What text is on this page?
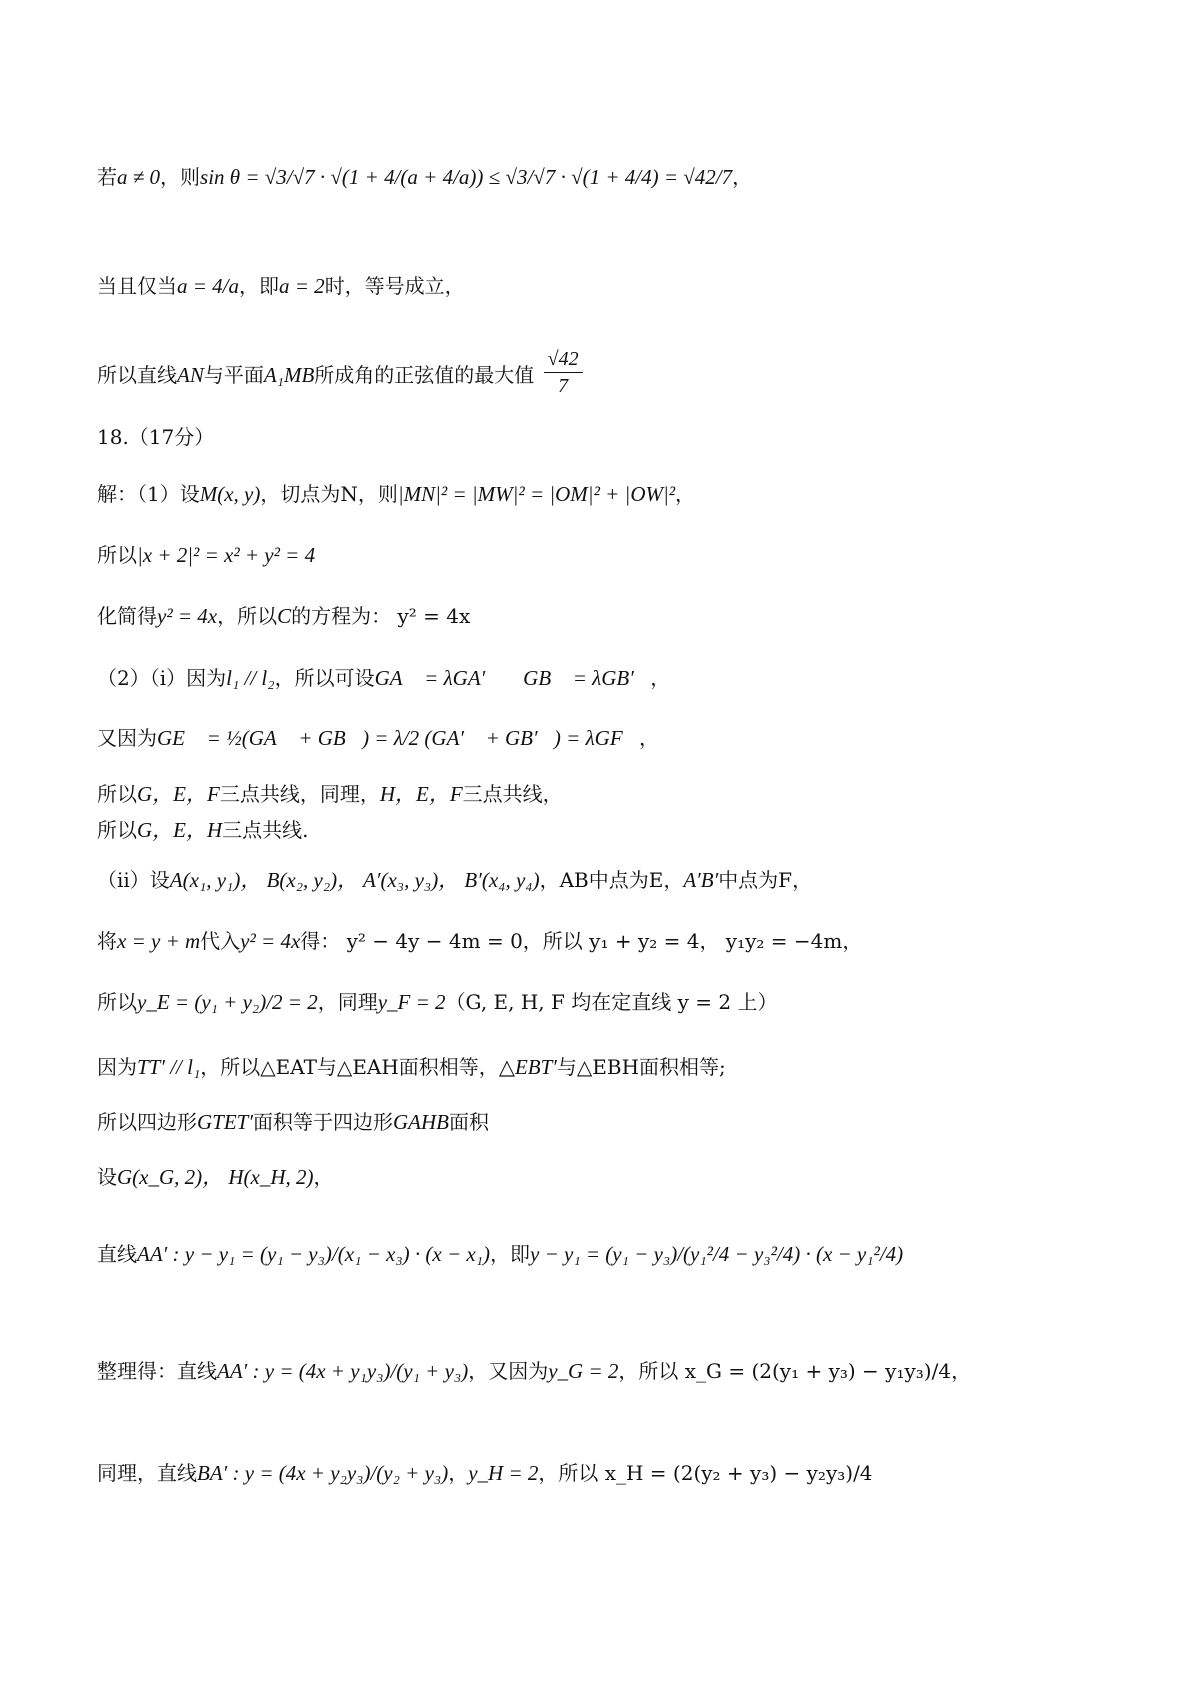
若a ≠ 0，则sin θ = √3/√7 · √(1 + 4/(a + 4/a)) ≤ √3/√7 · √(1 + 4/4) = √42/7，
当且仅当a = 4/a，即a = 2时，等号成立，
所以直线AN与平面A₁MB所成角的正弦值的最大值 $\frac{√42}{7}$
18.（17分）
解：（1）设M(x, y)，切点为N，则|MN|² = |MW|² = |OM|² + |OW|²，
所以|x + 2|² = x² + y² = 4
化简得y² = 4x，所以C的方程为： y² = 4x
（2）（i）因为l₁ // l₂，所以可设GA⃗ = λGA′⃗， GB⃗ = λGB′⃗，
又因为GE⃗ = ½(GA⃗ + GB⃗) = λ/2 (GA′⃗ + GB′⃗) = λGF⃗，
所以G，E，F三点共线，同理，H，E，F三点共线，
所以G，E，H三点共线.
（ii）设A(x₁, y₁)， B(x₂, y₂)， A′(x₃, y₃)， B′(x₄, y₄)，AB中点为E，A′B′中点为F，
将x = y + m代入y² = 4x得： y² − 4y − 4m = 0，所以 y₁ + y₂ = 4， y₁y₂ = −4m，
所以y_E = (y₁ + y₂)/2 = 2，同理y_F = 2（G, E, H, F 均在定直线 y = 2 上）
因为TT′ // l₁，所以△EAT与△EAH面积相等，△EBT′与△EBH面积相等;
所以四边形GTET′面积等于四边形GAHB面积
设G(x_G, 2)， H(x_H, 2)，
直线AA′ : y − y₁ = (y₁ − y₃)/(x₁ − x₃) · (x − x₁)，即y − y₁ = (y₁ − y₃)/(y₁²/4 − y₃²/4) · (x − y₁²/4)
整理得：直线AA′ : y = (4x + y₁y₃)/(y₁ + y₃)，又因为y_G = 2，所以 x_G = (2(y₁ + y₃) − y₁y₃)/4，
同理，直线BA′ : y = (4x + y₂y₃)/(y₂ + y₃)，y_H = 2，所以 x_H = (2(y₂ + y₃) − y₂y₃)/4
